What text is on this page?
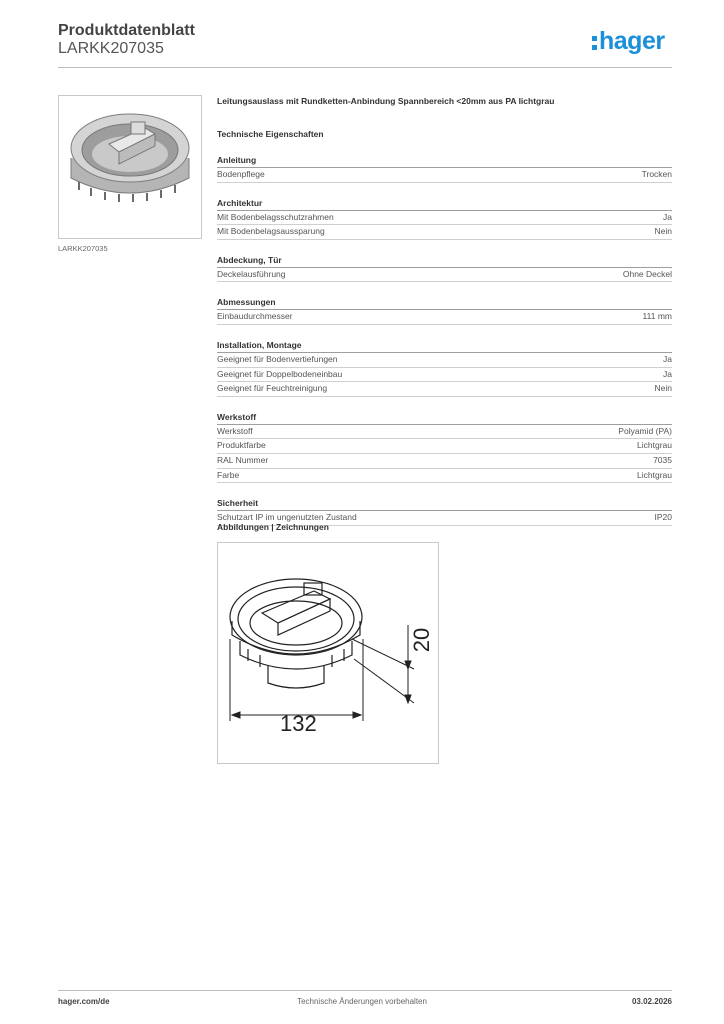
Produktdatenblatt
LARKK207035	hager
LARKK207035
Leitungsauslass mit Rundketten-Anbindung Spannbereich <20mm aus PA lichtgrau
Technische Eigenschaften
Anleitung
Bodenpflege	Trocken
Architektur
Mit Bodenbelagsschutzrahmen	Ja
Mit Bodenbelagsaussparung	Nein
Abdeckung, Tür
Deckelausführung	Ohne Deckel
Abmessungen
Einbaudurchmesser	111 mm
Installation, Montage
Geeignet für Bodenvertiefungen	Ja
Geeignet für Doppelbodeneinbau	Ja
Geeignet für Feuchtreinigung	Nein
Werkstoff
Werkstoff	Polyamid (PA)
Produktfarbe	Lichtgrau
RAL Nummer	7035
Farbe	Lichtgrau
Sicherheit
Schutzart IP im ungenutzten Zustand	IP20
Abbildungen | Zeichnungen
132
20
hager.com/de	Technische Änderungen vorbehalten	03.02.2026
